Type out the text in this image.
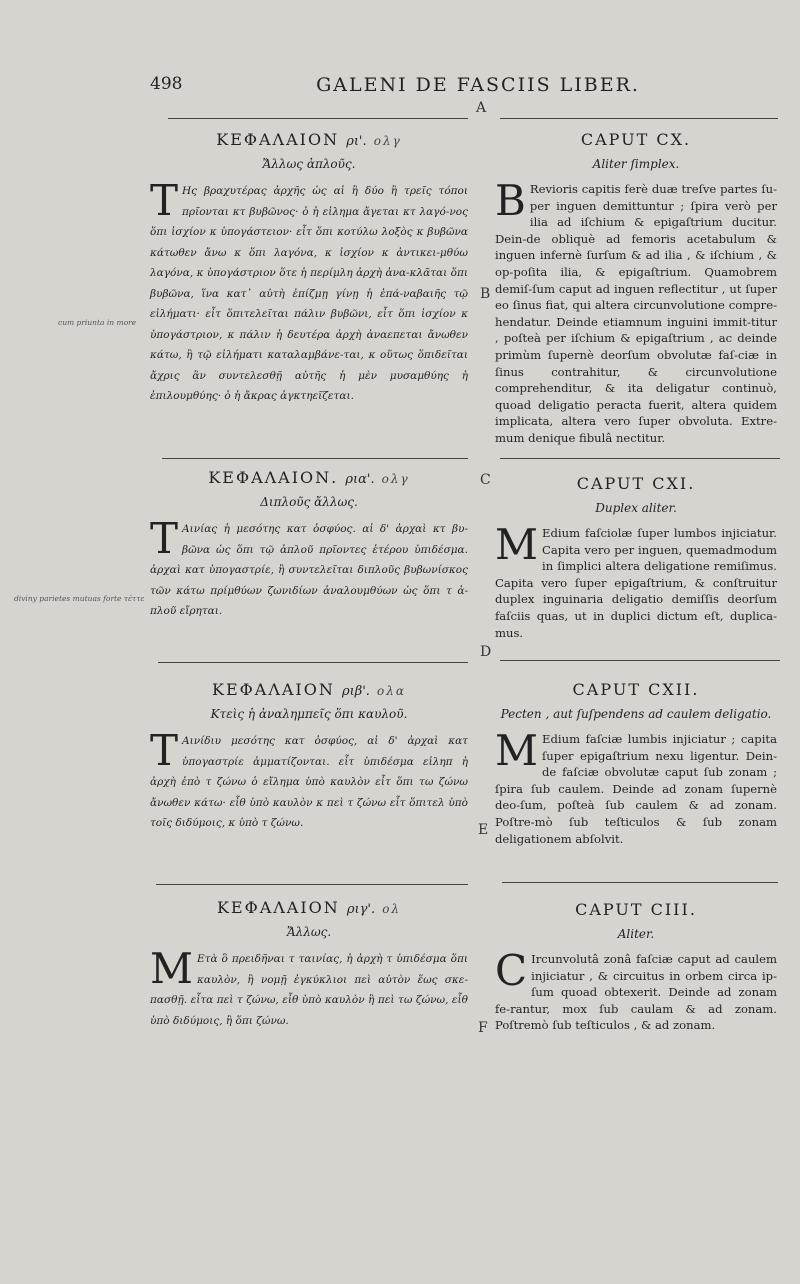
498	GALENI DE FASCIIS LIBER.
A
B
C
D
E
F
cum priunta in more
diviny parietes mutuas forte τέττε

ΚΕΦΑΛΑΙΟΝ ρι'. ολγ

Ἄλλως ἁπλοῦς.

T Ης βραχυτέρας ἀρχῆς ὡς αἱ ἢ δύο ἢ τρεῖς τόποι πρῖονται κτ βυβῶνος· ὁ ἡ εἰλημα ἄγεται κτ λαγό-νος ὅπι ἰσχίον κ ὑπογάστειον· εἶτ ὅπι κοτύλω λοξὸς κ βυβῶνα κάτωθεν ἄνω κ ὅπι λαγόνα, κ ἰσχίον κ ἀντικει-μθύω λαγόνα, κ ὑπογάστριον ὅτε ἡ περίμλη ἀρχὴ ἀνα-κλᾶται ὅπι βυβῶνα, ἵνα κατ᾽ αὐτὴ ἐπίζμῃ γίνῃ ἡ ἐπά-ναβαιῆς τῷ εἰλήματι· εἶτ ὅπιτελεῖται πάλιν βυβῶνι, εἶτ ὅπι ἰσχίον κ ὑπογάστριον, κ πάλιν ἡ δευτέρα ἀρχὴ ἀναεπεται ἄνωθεν κάτω, ἢ τῷ εἰλήματι καταλαμβάνε-ται, κ οὕτως ὅπιδεῖται ἄχρις ἂν συντελεσθῇ αὐτῆς ἡ μὲν μυσαμθύης ἡ ἐπιλουμθύης· ὁ ἡ ἄκρας ἀγκτηεῖζεται.

ΚΕΦΑΛΑΙΟΝ. ρια'. ολγ

Διπλοῦς ἄλλως.

T Αινίας ἡ μεσότης κατ ὀσφύος. αἱ δ' ἀρχαὶ κτ βυ-βῶνα ὡς ὅπι τῷ ἁπλοῦ πρῖοντες ἑτέρου ὑπιδέσμα. ἀρχαὶ κατ ὑπογαστρίε, ἢ συντελεῖται διπλοῦς βυβωνίσκος τῶν κάτω πρίμθύων ζωνιδίων ἀναλουμθύων ὡς ὅπι τ ἁ-πλοῦ εἴρηται.

ΚΕΦΑΛΑΙΟΝ ριβ'. ολα

Κτεὶς ἡ ἀναλημπεῖς ὅπι καυλοῦ.

T Αινίδιυ μεσότης κατ ὀσφύος, αἱ δ' ἀρχαὶ κατ ὑπογαστρίε ἁμματίζονται. εἶτ ὑπιδέσμα εἰληπ ἡ ἀρχὴ ἐπὸ τ ζώνω ὁ εἴλημα ὑπὸ καυλὸν εἶτ ὅπι τω ζώνω ἄνωθεν κάτω· εἶθ ὑπὸ καυλὸν κ πεὶ τ ζώνω εἶτ ὅπιτελ ὑπὸ τοῖς διδύμοις, κ ὑπὸ τ ζώνω.

ΚΕΦΑΛΑΙΟΝ ριγ'. ολ

Ἄλλως.

M Ετὰ ὃ πρειδῆναι τ ταινίας, ἡ ἀρχὴ τ ὑπιδέσμα ὅπι καυλὸν, ἢ νομῇ ἐγκύκλιοι πεὶ αὐτὸν ἕως σκε-πασθῇ. εἶτα πεὶ τ ζώνω, εἶθ ὑπὸ καυλὸν ἢ πεὶ τω ζώνω, εἶθ ὑπὸ διδύμοις, ἢ ὅπι ζώνω.

CAPUT CX.

Aliter ſimplex.

B Revioris capitis ferè duæ treſve partes ſu-per inguen demittuntur ; ſpira verò per ilia ad iſchium & epigaſtrium ducitur. Dein-de obliquè ad femoris acetabulum & inguen infernè ſurſum & ad ilia , & iſchium , & op-poſita ilia, & epigaſtrium. Quamobrem demiſ-ſum caput ad inguen reflectitur , ut ſuper eo ſinus fiat, qui altera circunvolutione compre-hendatur. Deinde etiamnum inguini immit-titur , poſteà per iſchium & epigaſtrium , ac deinde primùm ſupernè deorſum obvolutæ faſ-ciæ in ſinus contrahitur, & circunvolutione comprehenditur, & ita deligatur continuò, quoad deligatio peracta fuerit, altera quidem implicata, altera vero ſuper obvoluta. Extre-mum denique fibulâ nectitur.

CAPUT CXI.

Duplex aliter.

M Edium faſciolæ ſuper lumbos injiciatur. Capita vero per inguen, quemadmodum in ſimplici altera deligatione remiſimus. Capita vero ſuper epigaſtrium, & conſtruitur duplex inguinaria deligatio demiſſis deorſum faſciis quas, ut in duplici dictum eſt, duplica-mus.

CAPUT CXII.

Pecten , aut ſuſpendens ad caulem deligatio.

M Edium faſciæ lumbis injiciatur ; capita ſuper epigaſtrium nexu ligentur. Dein-de faſciæ obvolutæ caput ſub zonam ; ſpira ſub caulem. Deinde ad zonam ſupernè deo-ſum, poſteà ſub caulem & ad zonam. Poſtre-mò ſub teſticulos & ſub zonam deligationem abſolvit.

CAPUT CIII.

Aliter.

C Ircunvolutâ zonâ faſciæ caput ad caulem injiciatur , & circuitus in orbem circa ip-ſum quoad obtexerit. Deinde ad zonam fe-rantur, mox ſub caulam & ad zonam. Poſtremò ſub teſticulos , & ad zonam.
